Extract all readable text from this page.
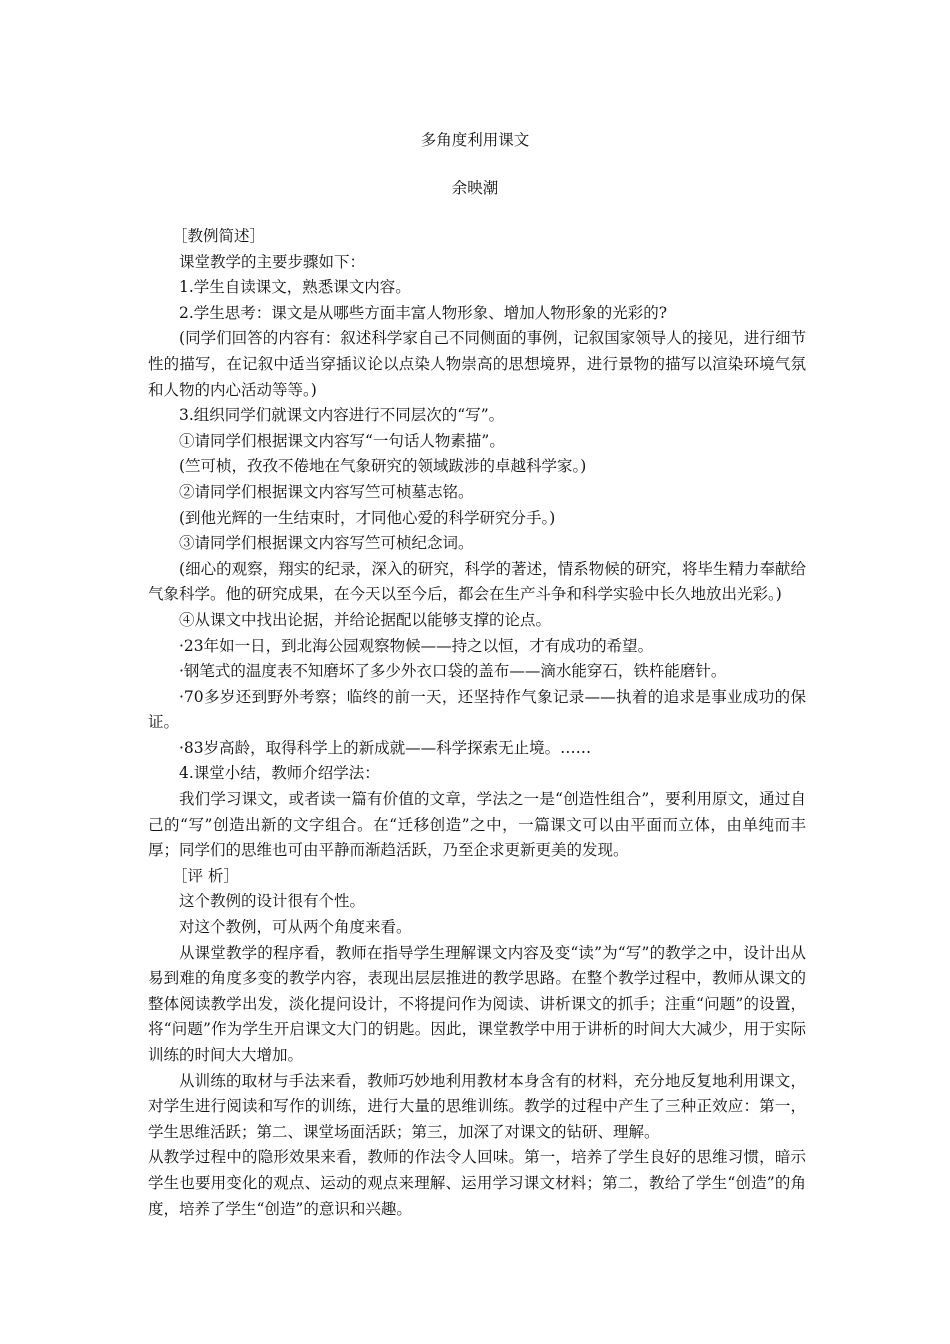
多角度利用课文
余映潮

［教例简述］

课堂教学的主要步骤如下：

1.学生自读课文，熟悉课文内容。

2.学生思考：课文是从哪些方面丰富人物形象、增加人物形象的光彩的?

(同学们回答的内容有：叙述科学家自己不同侧面的事例，记叙国家领导人的接见，进行细节性的描写，在记叙中适当穿插议论以点染人物崇高的思想境界，进行景物的描写以渲染环境气氛和人物的内心活动等等。)

3.组织同学们就课文内容进行不同层次的“写”。

①请同学们根据课文内容写“一句话人物素描”。

(竺可桢，孜孜不倦地在气象研究的领域跋涉的卓越科学家。)

②请同学们根据课文内容写竺可桢墓志铭。

(到他光辉的一生结束时，才同他心爱的科学研究分手。)

③请同学们根据课文内容写竺可桢纪念词。

(细心的观察，翔实的纪录，深入的研究，科学的著述，情系物候的研究，将毕生精力奉献给气象科学。他的研究成果，在今天以至今后，都会在生产斗争和科学实验中长久地放出光彩。)

④从课文中找出论据，并给论据配以能够支撑的论点。

·23年如一日，到北海公园观察物候——持之以恒，才有成功的希望。

·钢笔式的温度表不知磨坏了多少外衣口袋的盖布——滴水能穿石，铁杵能磨针。

·70多岁还到野外考察；临终的前一天，还坚持作气象记录——执着的追求是事业成功的保证。

·83岁高龄，取得科学上的新成就——科学探索无止境。……

4.课堂小结，教师介绍学法：

我们学习课文，或者读一篇有价值的文章，学法之一是“创造性组合”，要利用原文，通过自己的“写”创造出新的文字组合。在“迁移创造”之中，一篇课文可以由平面而立体，由单纯而丰厚；同学们的思维也可由平静而渐趋活跃，乃至企求更新更美的发现。

［评 析］

这个教例的设计很有个性。

对这个教例，可从两个角度来看。

从课堂教学的程序看，教师在指导学生理解课文内容及变“读”为“写”的教学之中，设计出从易到难的角度多变的教学内容，表现出层层推进的教学思路。在整个教学过程中，教师从课文的整体阅读教学出发，淡化提问设计，不将提问作为阅读、讲析课文的抓手；注重“问题”的设置，将“问题”作为学生开启课文大门的钥匙。因此，课堂教学中用于讲析的时间大大减少，用于实际训练的时间大大增加。

从训练的取材与手法来看，教师巧妙地利用教材本身含有的材料，充分地反复地利用课文，对学生进行阅读和写作的训练，进行大量的思维训练。教学的过程中产生了三种正效应：第一，学生思维活跃；第二、课堂场面活跃；第三，加深了对课文的钻研、理解。

从教学过程中的隐形效果来看，教师的作法令人回味。第一，培养了学生良好的思维习惯，暗示学生也要用变化的观点、运动的观点来理解、运用学习课文材料；第二，教给了学生“创造”的角度，培养了学生“创造”的意识和兴趣。
